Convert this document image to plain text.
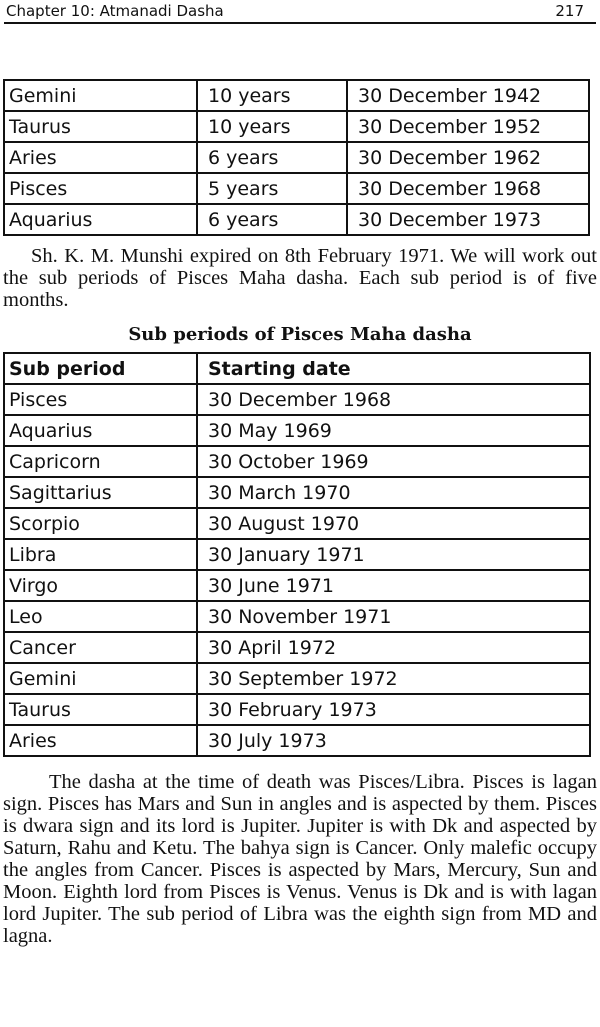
Chapter 10: Atmanadi Dasha	217
Gemini	10 years	30 December 1942
Taurus	10 years	30 December 1952
Aries	6 years	30 December 1962
Pisces	5 years	30 December 1968
Aquarius	6 years	30 December 1973

Sh. K. M. Munshi expired on 8th February 1971. We will work out the sub periods of Pisces Maha dasha. Each sub period is of five months.

Sub periods of Pisces Maha dasha
Sub period	Starting date
Pisces	30 December 1968
Aquarius	30 May 1969
Capricorn	30 October 1969
Sagittarius	30 March 1970
Scorpio	30 August 1970
Libra	30 January 1971
Virgo	30 June 1971
Leo	30 November 1971
Cancer	30 April 1972
Gemini	30 September 1972
Taurus	30 February 1973
Aries	30 July 1973

The dasha at the time of death was Pisces/Libra. Pisces is lagan sign. Pisces has Mars and Sun in angles and is aspected by them. Pisces is dwara sign and its lord is Jupiter. Jupiter is with Dk and aspected by Saturn, Rahu and Ketu. The bahya sign is Cancer. Only malefic occupy the angles from Cancer. Pisces is aspected by Mars, Mercury, Sun and Moon. Eighth lord from Pisces is Venus. Venus is Dk and is with lagan lord Jupiter. The sub period of Libra was the eighth sign from MD and lagna.
